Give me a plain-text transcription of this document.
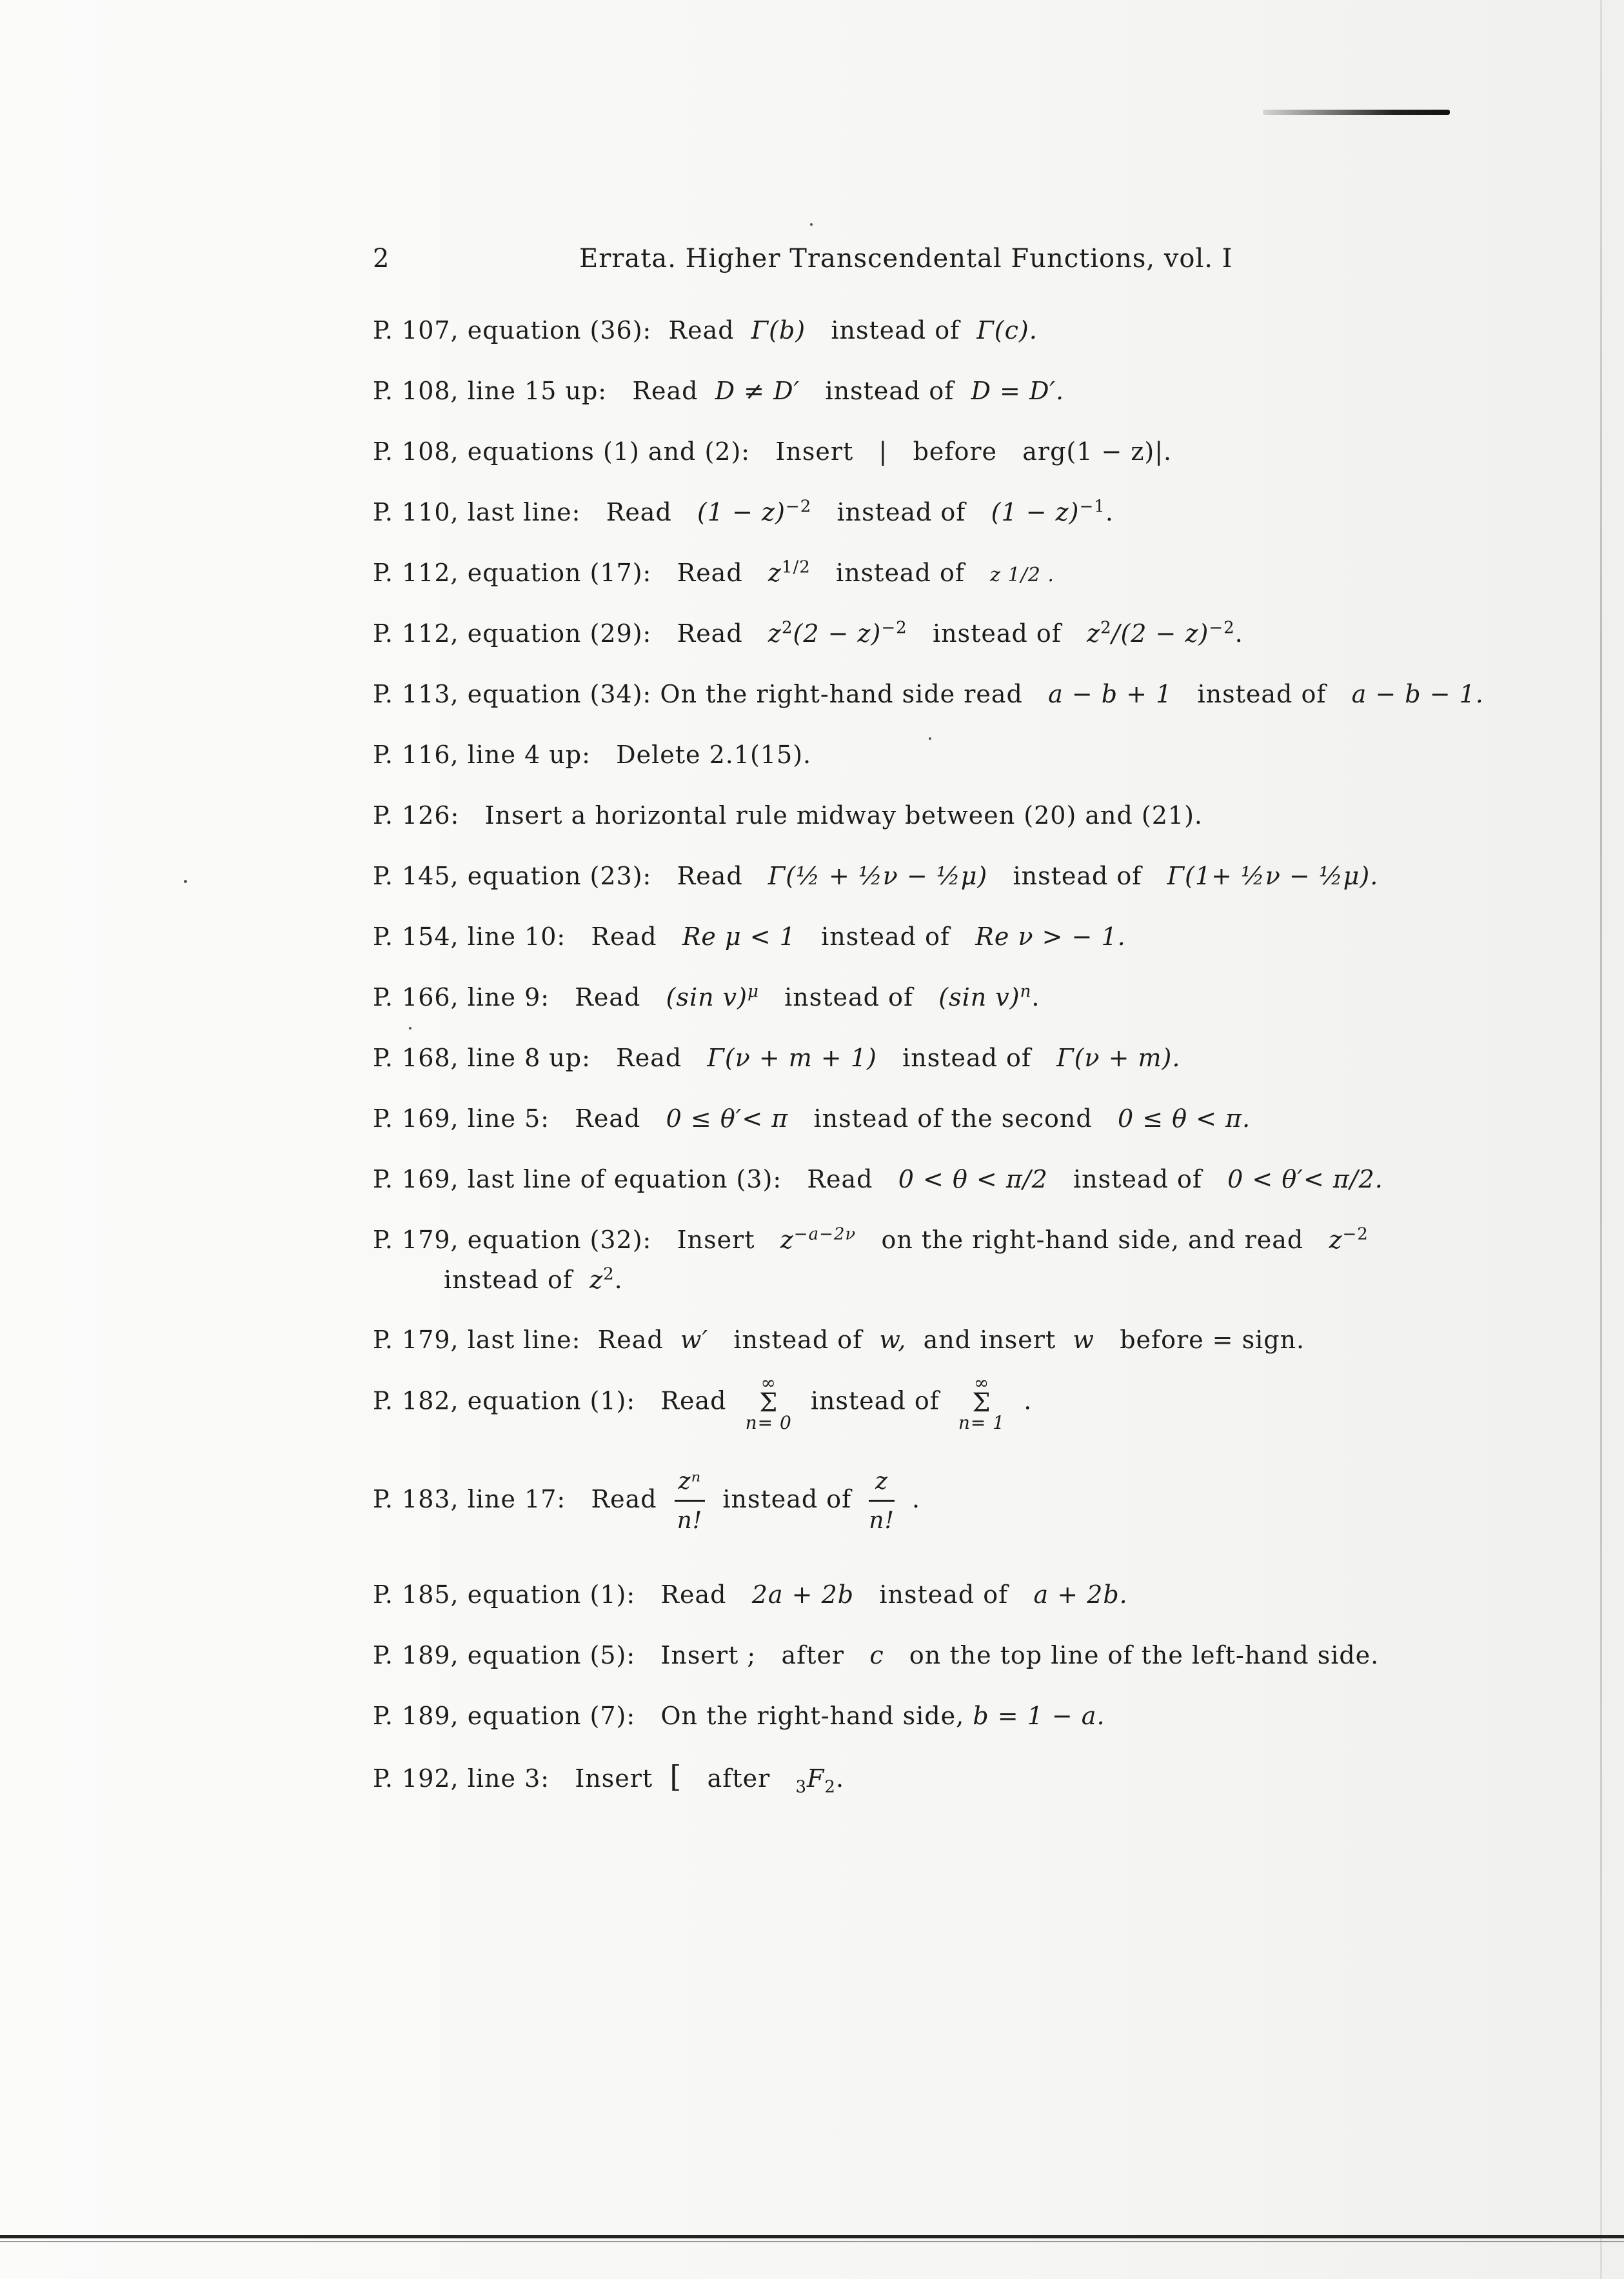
2	Errata. Higher Transcendental Functions, vol. I
P. 107, equation (36): Read Γ(b) instead of Γ(c).
P. 108, line 15 up: Read D ≠ D′ instead of D = D′.
P. 108, equations (1) and (2): Insert | before arg(1 − z)|.
P. 110, last line: Read $(1 - z)^{-2}$ instead of $(1 - z)^{-1}$.
P. 112, equation (17): Read $z^{1/2}$ instead of z 1/2 .
P. 112, equation (29): Read $z^2(2 - z)^{-2}$ instead of $z^2/(2 - z)^{-2}$.
P. 113, equation (34): On the right-hand side read a − b + 1 instead of a − b − 1.
P. 116, line 4 up: Delete 2.1(15).
P. 126: Insert a horizontal rule midway between (20) and (21).
P. 145, equation (23): Read Γ(½ + ½ν − ½μ) instead of Γ(1+ ½ν − ½μ).
P. 154, line 10: Read Re μ < 1 instead of Re ν > − 1.
P. 166, line 9: Read (sin v)$^\mu$ instead of (sin v)$^n$.
P. 168, line 8 up: Read Γ(ν + m + 1) instead of Γ(ν + m).
P. 169, line 5: Read 0 ≤ θ′< π instead of the second 0 ≤ θ < π.
P. 169, last line of equation (3): Read 0 < θ < π/2 instead of 0 < θ′< π/2.
P. 179, equation (32): Insert $z^{-a-2\nu}$ on the right-hand side, and read $z^{-2}$
instead of $z^2$.
P. 179, last line: Read w′ instead of w, and insert w before = sign.
P. 182, equation (1): Read
∞
Σ
n= 0
instead of
∞
Σ
n= 1
.
P. 183, line 17: Read $\frac{\text{zⁿ}}{n!}$ instead of $\frac{z}{n!}$ .
P. 185, equation (1): Read 2a + 2b instead of a + 2b.
P. 189, equation (5): Insert ; after c on the top line of the left-hand side.
P. 189, equation (7): On the right-hand side, b = 1 − a.
P. 192, line 3: Insert [ after $_3F_2$.
